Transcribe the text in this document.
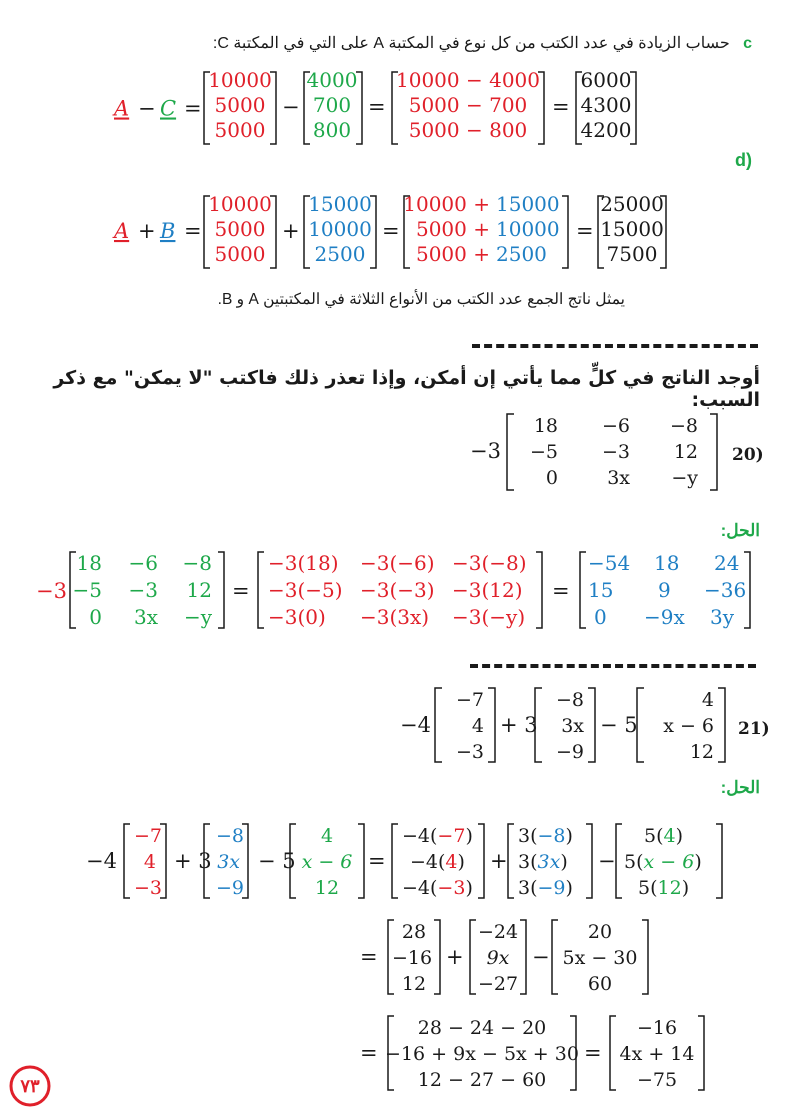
c   حساب الزيادة في عدد الكتب من كل نوع في المكتبة A على التي في المكتبة C:
A − C =
10000
5000
5000
−
4000
700
800
=
10000 − 4000
5000 − 700
5000 − 800
=
6000
4300
4200
(d
A + B =
10000
5000
5000
+
15000
10000
2500
=
10000 + 15000
5000 + 10000
5000 + 2500
=
25000
15000
7500
يمثل ناتج الجمع عدد الكتب من الأنواع الثلاثة في المكتبتين A و B.
أوجد الناتج في كلٍّ مما يأتي إن أمكن، وإذا تعذر ذلك فاكتب "لا يمكن" مع ذكر السبب:
−3
18 −6 −8
−5 −3 12
0	3x −y
20)
الحل:
−3
18 −6 −8
−5 −3 12
0 3x −y
=
−3(18) −3(−6) −3(−8)
−3(−5) −3(−3) −3(12)
−3(0) −3(3x) −3(−y)
=
−54 18 24
15 9 −36
0 −9x 3y
−4
−7
4
−3
+ 3
−8
3x
−9
− 5
4
x − 6
12
21)
الحل:
−4
−7
4
−3
+ 3
−8
3x
−9
− 5
4
x − 6
12
=
−4(−7)
−4(4)
−4(−3)
+
3(−8)
3(3x)
3(−9)
−
5(4)
5(x − 6)
5(12)
=
28
−16
12
+
−24
9x
−27
−
20
5x − 30
60
=
28 − 24 − 20
−16 + 9x − 5x + 30
12 − 27 − 60
=
−16
4x + 14
−75
٧٣
